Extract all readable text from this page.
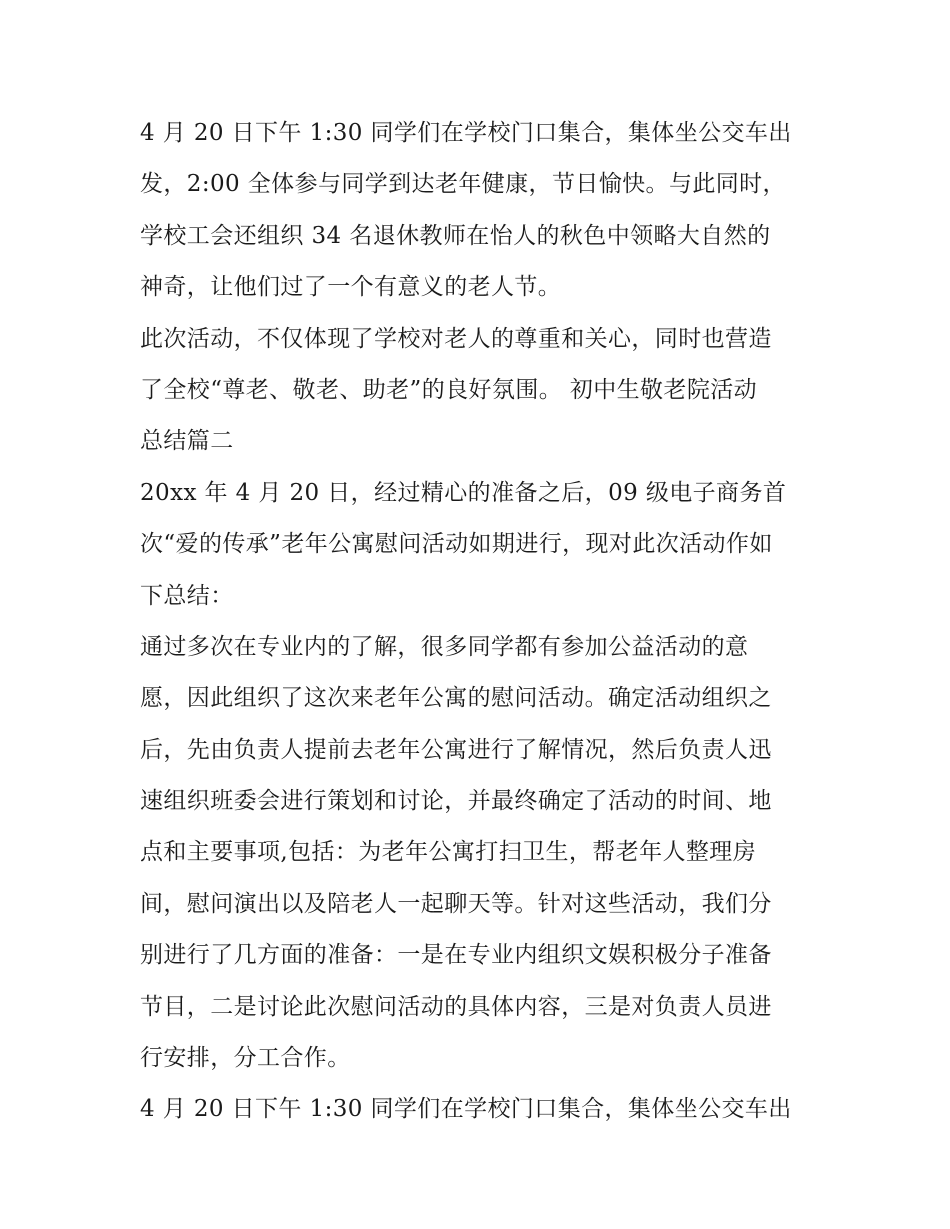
4 月 20 日下午 1:30 同学们在学校门口集合，集体坐公交车出
发，2:00 全体参与同学到达老年健康，节日愉快。与此同时，
学校工会还组织 34 名退休教师在怡人的秋色中领略大自然的
神奇，让他们过了一个有意义的老人节。
此次活动，不仅体现了学校对老人的尊重和关心，同时也营造
了全校“尊老、敬老、助老”的良好氛围。 初中生敬老院活动
总结篇二
20xx 年 4 月 20 日，经过精心的准备之后，09 级电子商务首
次“爱的传承”老年公寓慰问活动如期进行，现对此次活动作如
下总结：
通过多次在专业内的了解，很多同学都有参加公益活动的意
愿，因此组织了这次来老年公寓的慰问活动。确定活动组织之
后，先由负责人提前去老年公寓进行了解情况，然后负责人迅
速组织班委会进行策划和讨论，并最终确定了活动的时间、地
点和主要事项,包括：为老年公寓打扫卫生，帮老年人整理房
间，慰问演出以及陪老人一起聊天等。针对这些活动，我们分
别进行了几方面的准备：一是在专业内组织文娱积极分子准备
节目，二是讨论此次慰问活动的具体内容，三是对负责人员进
行安排，分工合作。
4 月 20 日下午 1:30 同学们在学校门口集合，集体坐公交车出
